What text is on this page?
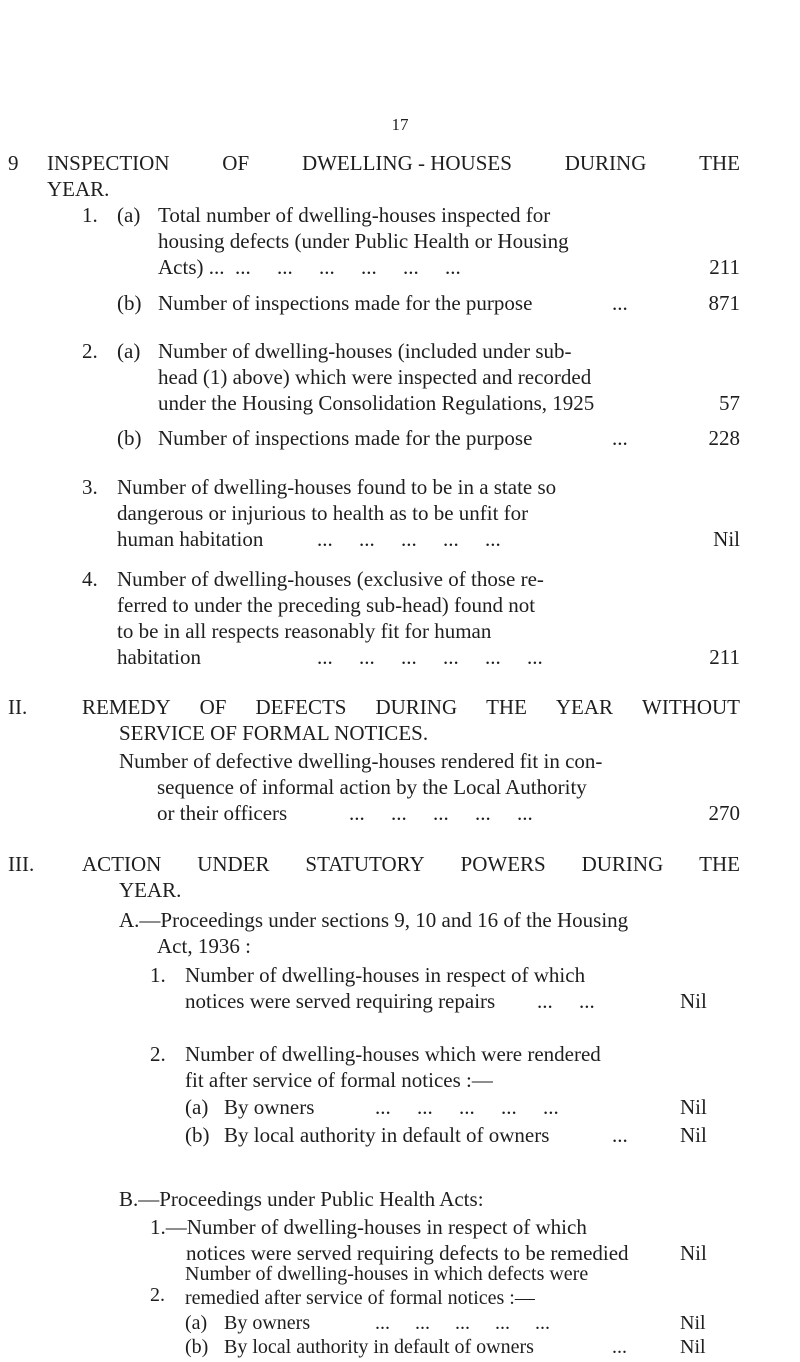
17
9 INSPECTION	OF	DWELLING - HOUSES	DURING	THE
YEAR.
1. (a) Total number of dwelling-houses inspected for
housing defects (under Public Health or Housing
Acts) ... ...     ...     ...     ...     ...     ...	211
(b) Number of inspections made for the purpose	...	871
2. (a) Number of dwelling-houses (included under sub-
head (1) above) which were inspected and recorded
under the Housing Consolidation Regulations, 1925	57
(b) Number of inspections made for the purpose	...	228
3. Number of dwelling-houses found to be in a state so
dangerous or injurious to health as to be unfit for
human habitation	...     ...     ...     ...     ...	Nil
4. Number of dwelling-houses (exclusive of those re-
ferred to under the preceding sub-head) found not
to be in all respects reasonably fit for human
habitation	...     ...     ...     ...     ...     ...	211
II.	REMEDY OF DEFECTS DURING THE YEAR WITHOUT
SERVICE OF FORMAL NOTICES.
Number of defective dwelling-houses rendered fit in con-
sequence of informal action by the Local Authority
or their officers	...     ...     ...     ...     ...	270
III. ACTION UNDER STATUTORY POWERS DURING THE
YEAR.
A.—Proceedings under sections 9, 10 and 16 of the Housing
Act, 1936 :
1. Number of dwelling-houses in respect of which
notices were served requiring repairs ...     ...	Nil
2. Number of dwelling-houses which were rendered
fit after service of formal notices :—
(a) By owners	...     ...     ...     ...     ...	Nil
(b) By local authority in default of owners	... Nil
B.—Proceedings under Public Health Acts:
1.—Number of dwelling-houses in respect of which
notices were served requiring defects to be remedied	Nil
2.
Number of dwelling-houses in which defects were
remedied after service of formal notices :—
(a) By owners	...     ...     ...     ...     ...	Nil
(b) By local authority in default of owners	...	Nil
